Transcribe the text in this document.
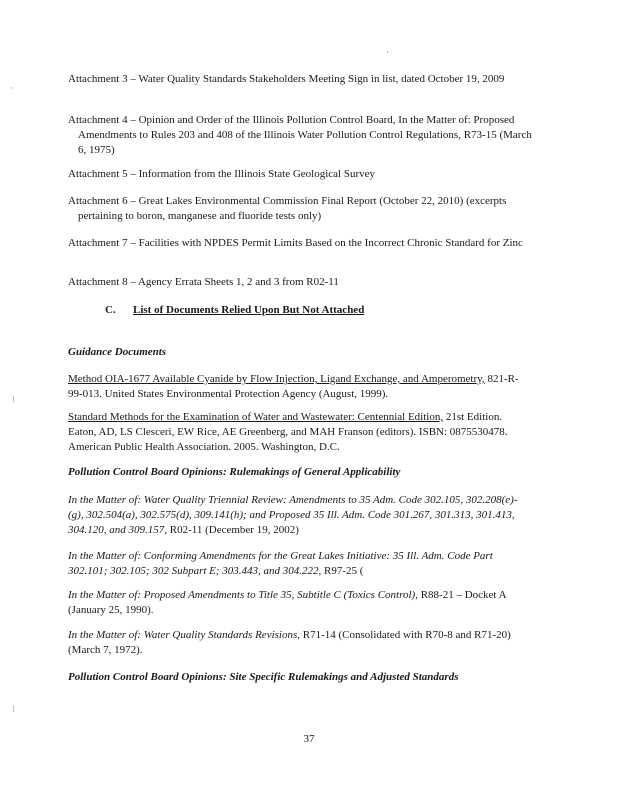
·
·
⁝
⁝

Attachment 3 – Water Quality Standards Stakeholders Meeting Sign in list, dated October 19, 2009

Attachment 4 – Opinion and Order of the Illinois Pollution Control Board, In the Matter of: Proposed Amendments to Rules 203 and 408 of the Illinois Water Pollution Control Regulations, R73-15 (March 6, 1975)

Attachment 5 – Information from the Illinois State Geological Survey

Attachment 6 – Great Lakes Environmental Commission Final Report (October 22, 2010) (excerpts pertaining to boron, manganese and fluoride tests only)

Attachment 7 – Facilities with NPDES Permit Limits Based on the Incorrect Chronic Standard for Zinc

Attachment 8 – Agency Errata Sheets 1, 2 and 3 from R02-11

C. List of Documents Relied Upon But Not Attached

Guidance Documents

Method OIA-1677 Available Cyanide by Flow Injection, Ligand Exchange, and Amperometry, 821-R-99-013. United States Environmental Protection Agency (August, 1999).

Standard Methods for the Examination of Water and Wastewater: Centennial Edition, 21st Edition. Eaton, AD, LS Clesceri, EW Rice, AE Greenberg, and MAH Franson (editors). ISBN: 0875530478. American Public Health Association. 2005. Washington, D.C.

Pollution Control Board Opinions: Rulemakings of General Applicability

In the Matter of: Water Quality Triennial Review: Amendments to 35 Adm. Code 302.105, 302.208(e)-(g), 302.504(a), 302.575(d), 309.141(h); and Proposed 35 Ill. Adm. Code 301.267, 301.313, 301.413, 304.120, and 309.157, R02-11 (December 19, 2002)

In the Matter of: Conforming Amendments for the Great Lakes Initiative: 35 Ill. Adm. Code Part 302.101; 302.105; 302 Subpart E; 303.443, and 304.222, R97-25 (

In the Matter of: Proposed Amendments to Title 35, Subtitle C (Toxics Control), R88-21 – Docket A (January 25, 1990).

In the Matter of: Water Quality Standards Revisions, R71-14 (Consolidated with R70-8 and R71-20) (March 7, 1972).

Pollution Control Board Opinions: Site Specific Rulemakings and Adjusted Standards

37
